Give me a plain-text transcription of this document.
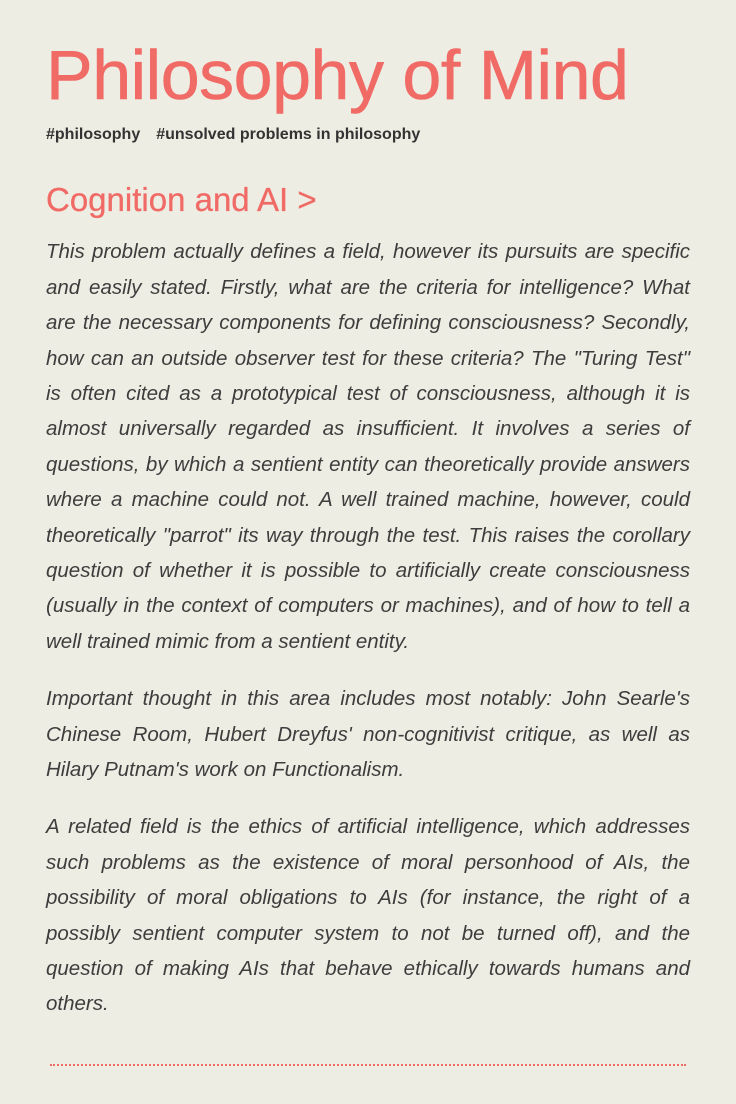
Philosophy of Mind
#philosophy #unsolved problems in philosophy
Cognition and AI >

This problem actually defines a field, however its pursuits are specific and easily stated. Firstly, what are the criteria for intelligence? What are the necessary components for defining consciousness? Secondly, how can an outside observer test for these criteria? The "Turing Test" is often cited as a prototypical test of consciousness, although it is almost universally regarded as insufficient. It involves a series of questions, by which a sentient entity can theoretically provide answers where a machine could not. A well trained machine, however, could theoretically "parrot" its way through the test. This raises the corollary question of whether it is possible to artificially create consciousness (usually in the context of computers or machines), and of how to tell a well trained mimic from a sentient entity.

Important thought in this area includes most notably: John Searle's Chinese Room, Hubert Dreyfus' non-cognitivist critique, as well as Hilary Putnam's work on Functionalism.

A related field is the ethics of artificial intelligence, which addresses such problems as the existence of moral personhood of AIs, the possibility of moral obligations to AIs (for instance, the right of a possibly sentient computer system to not be turned off), and the question of making AIs that behave ethically towards humans and others.
